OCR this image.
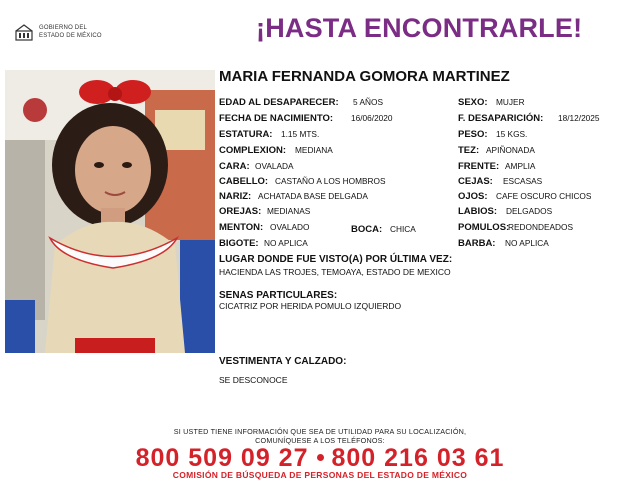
GOBIERNO DEL
ESTADO DE MÉXICO	¡HASTA ENCONTRARLE!
MARIA FERNANDA GOMORA MARTINEZ
EDAD AL DESAPARECER: 5 AÑOS
FECHA DE NACIMIENTO: 16/06/2020
ESTATURA: 1.15 MTS.
COMPLEXION: MEDIANA
CARA: OVALADA
CABELLO: CASTAÑO A LOS HOMBROS
NARIZ: ACHATADA BASE DELGADA
OREJAS: MEDIANAS
MENTON: OVALADO	BOCA: CHICA
BIGOTE: NO APLICA
SEXO: MUJER
F. DESAPARICIÓN: 18/12/2025
PESO: 15 KGS.
TEZ: APIÑONADA
FRENTE: AMPLIA
CEJAS: ESCASAS
OJOS: CAFE OSCURO CHICOS
LABIOS: DELGADOS
POMULOS:
REDONDEADOS
BARBA: NO APLICA
LUGAR DONDE FUE VISTO(A) POR ÚLTIMA VEZ:
HACIENDA LAS TROJES, TEMOAYA, ESTADO DE MEXICO
SENAS PARTICULARES:
CICATRIZ POR HERIDA POMULO IZQUIERDO
VESTIMENTA Y CALZADO:
SE DESCONOCE
SI USTED TIENE INFORMACIÓN QUE SEA DE UTILIDAD PARA SU LOCALIZACIÓN,
COMUNÍQUESE A LOS TELÉFONOS:
800 509 09 27 800 216 03 61
COMISIÓN DE BÚSQUEDA DE PERSONAS DEL ESTADO DE MÉXICO
